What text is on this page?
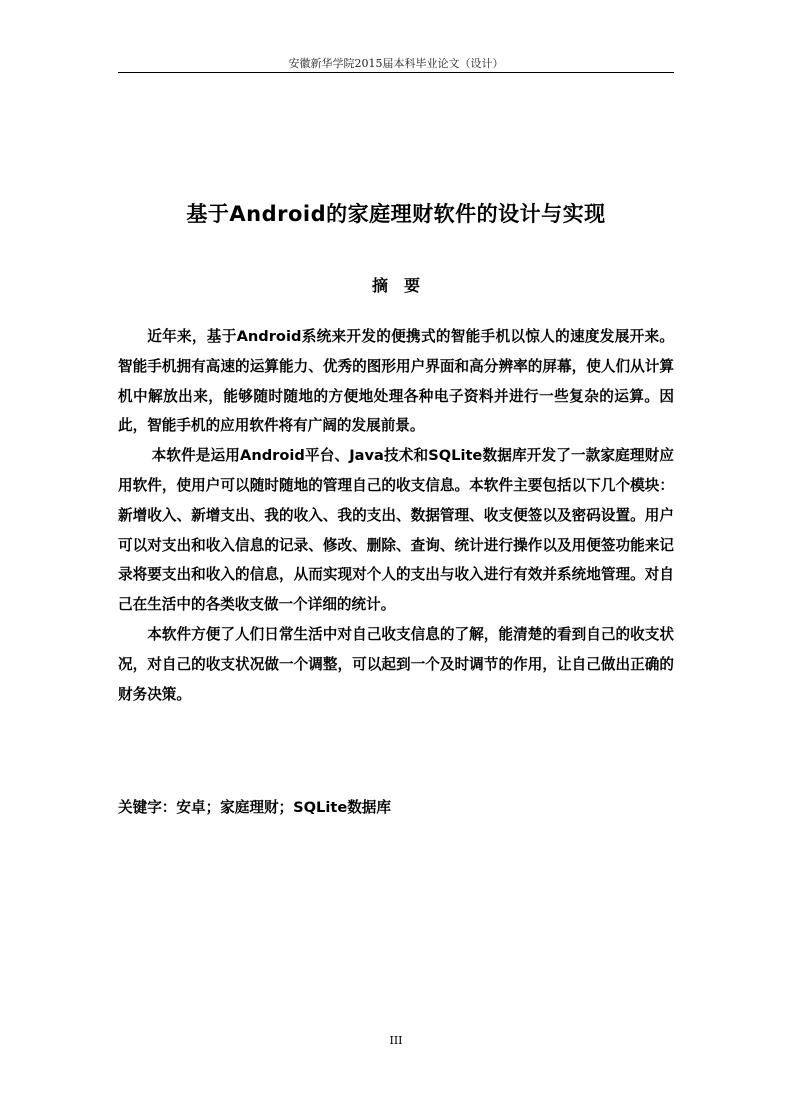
安徽新华学院2015届本科毕业论文（设计）
基于Android的家庭理财软件的设计与实现
摘　要

近年来，基于Android系统来开发的便携式的智能手机以惊人的速度发展开来。智能手机拥有高速的运算能力、优秀的图形用户界面和高分辨率的屏幕，使人们从计算机中解放出来，能够随时随地的方便地处理各种电子资料并进行一些复杂的运算。因此，智能手机的应用软件将有广阔的发展前景。

本软件是运用Android平台、Java技术和SQLite数据库开发了一款家庭理财应用软件，使用户可以随时随地的管理自己的收支信息。本软件主要包括以下几个模块：新增收入、新增支出、我的收入、我的支出、数据管理、收支便签以及密码设置。用户可以对支出和收入信息的记录、修改、删除、查询、统计进行操作以及用便签功能来记录将要支出和收入的信息，从而实现对个人的支出与收入进行有效并系统地管理。对自己在生活中的各类收支做一个详细的统计。

本软件方便了人们日常生活中对自己收支信息的了解，能清楚的看到自己的收支状况，对自己的收支状况做一个调整，可以起到一个及时调节的作用，让自己做出正确的财务决策。

关键字：安卓；家庭理财；SQLite数据库
III
